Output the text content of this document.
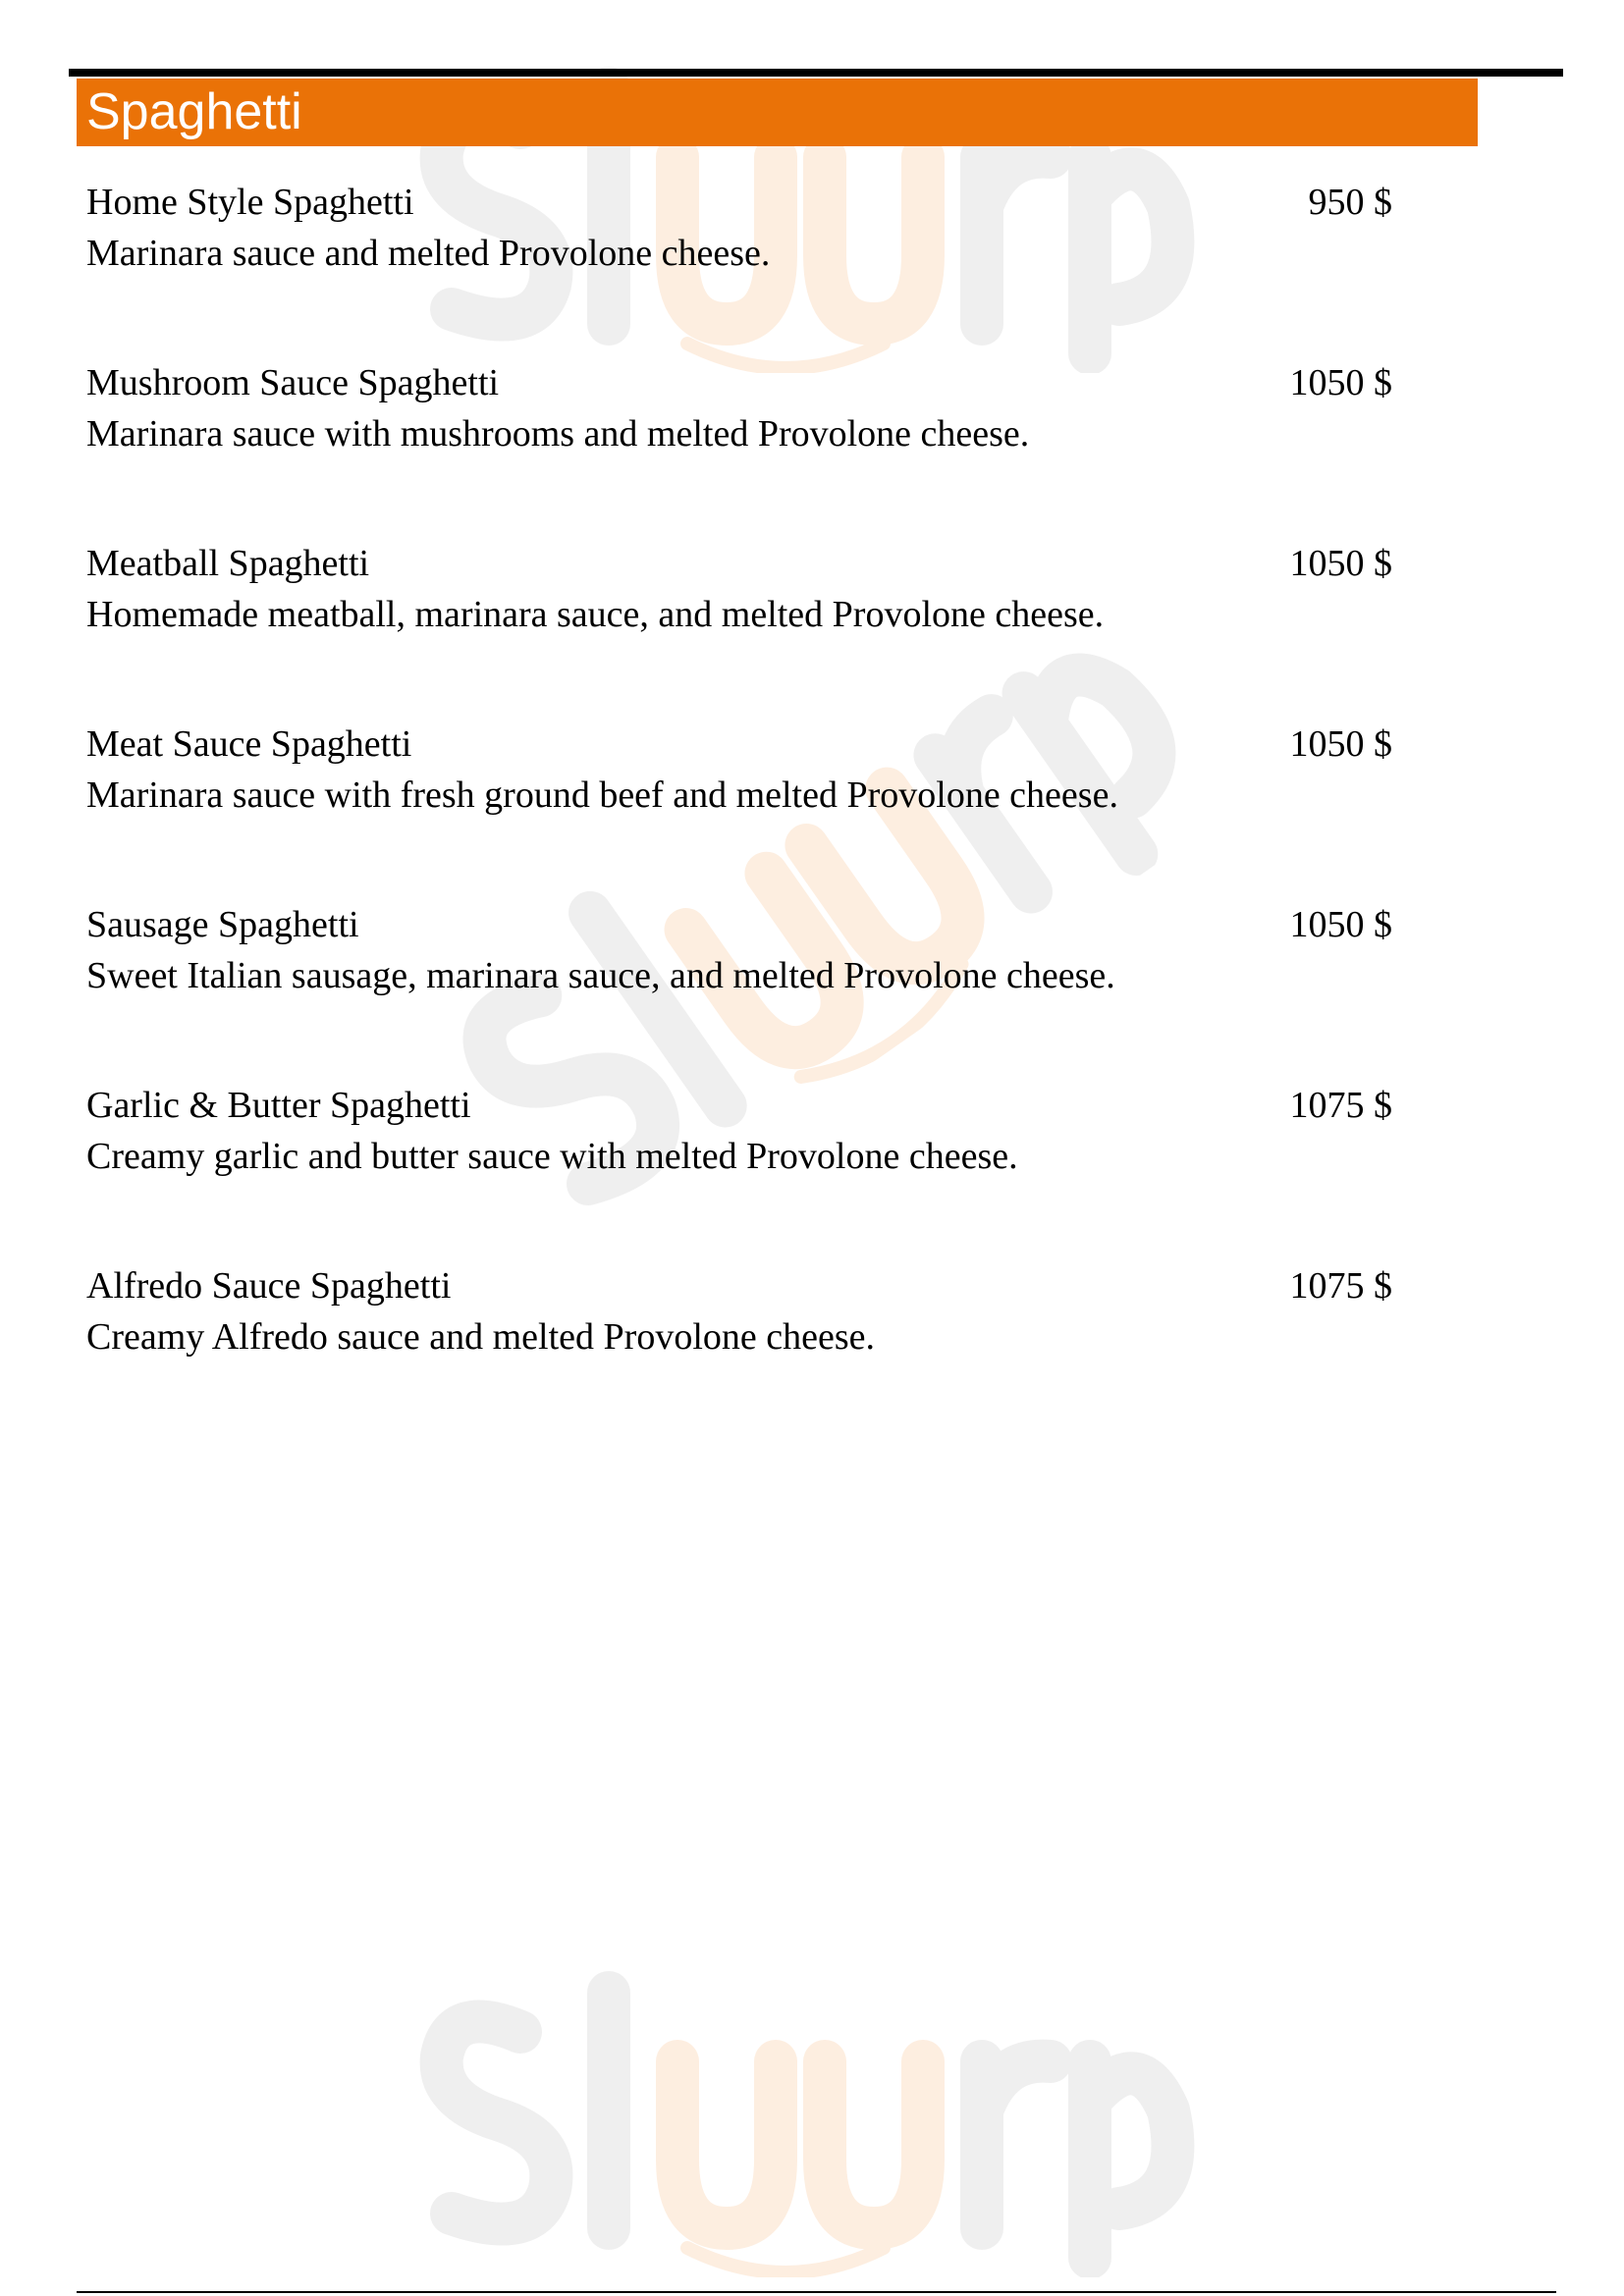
Spaghetti
Home Style Spaghetti	950 $
Marinara sauce and melted Provolone cheese.
Mushroom Sauce Spaghetti	1050 $
Marinara sauce with mushrooms and melted Provolone cheese.
Meatball Spaghetti	1050 $
Homemade meatball, marinara sauce, and melted Provolone cheese.
Meat Sauce Spaghetti	1050 $
Marinara sauce with fresh ground beef and melted Provolone cheese.
Sausage Spaghetti	1050 $
Sweet Italian sausage, marinara sauce, and melted Provolone cheese.
Garlic & Butter Spaghetti	1075 $
Creamy garlic and butter sauce with melted Provolone cheese.
Alfredo Sauce Spaghetti	1075 $
Creamy Alfredo sauce and melted Provolone cheese.
